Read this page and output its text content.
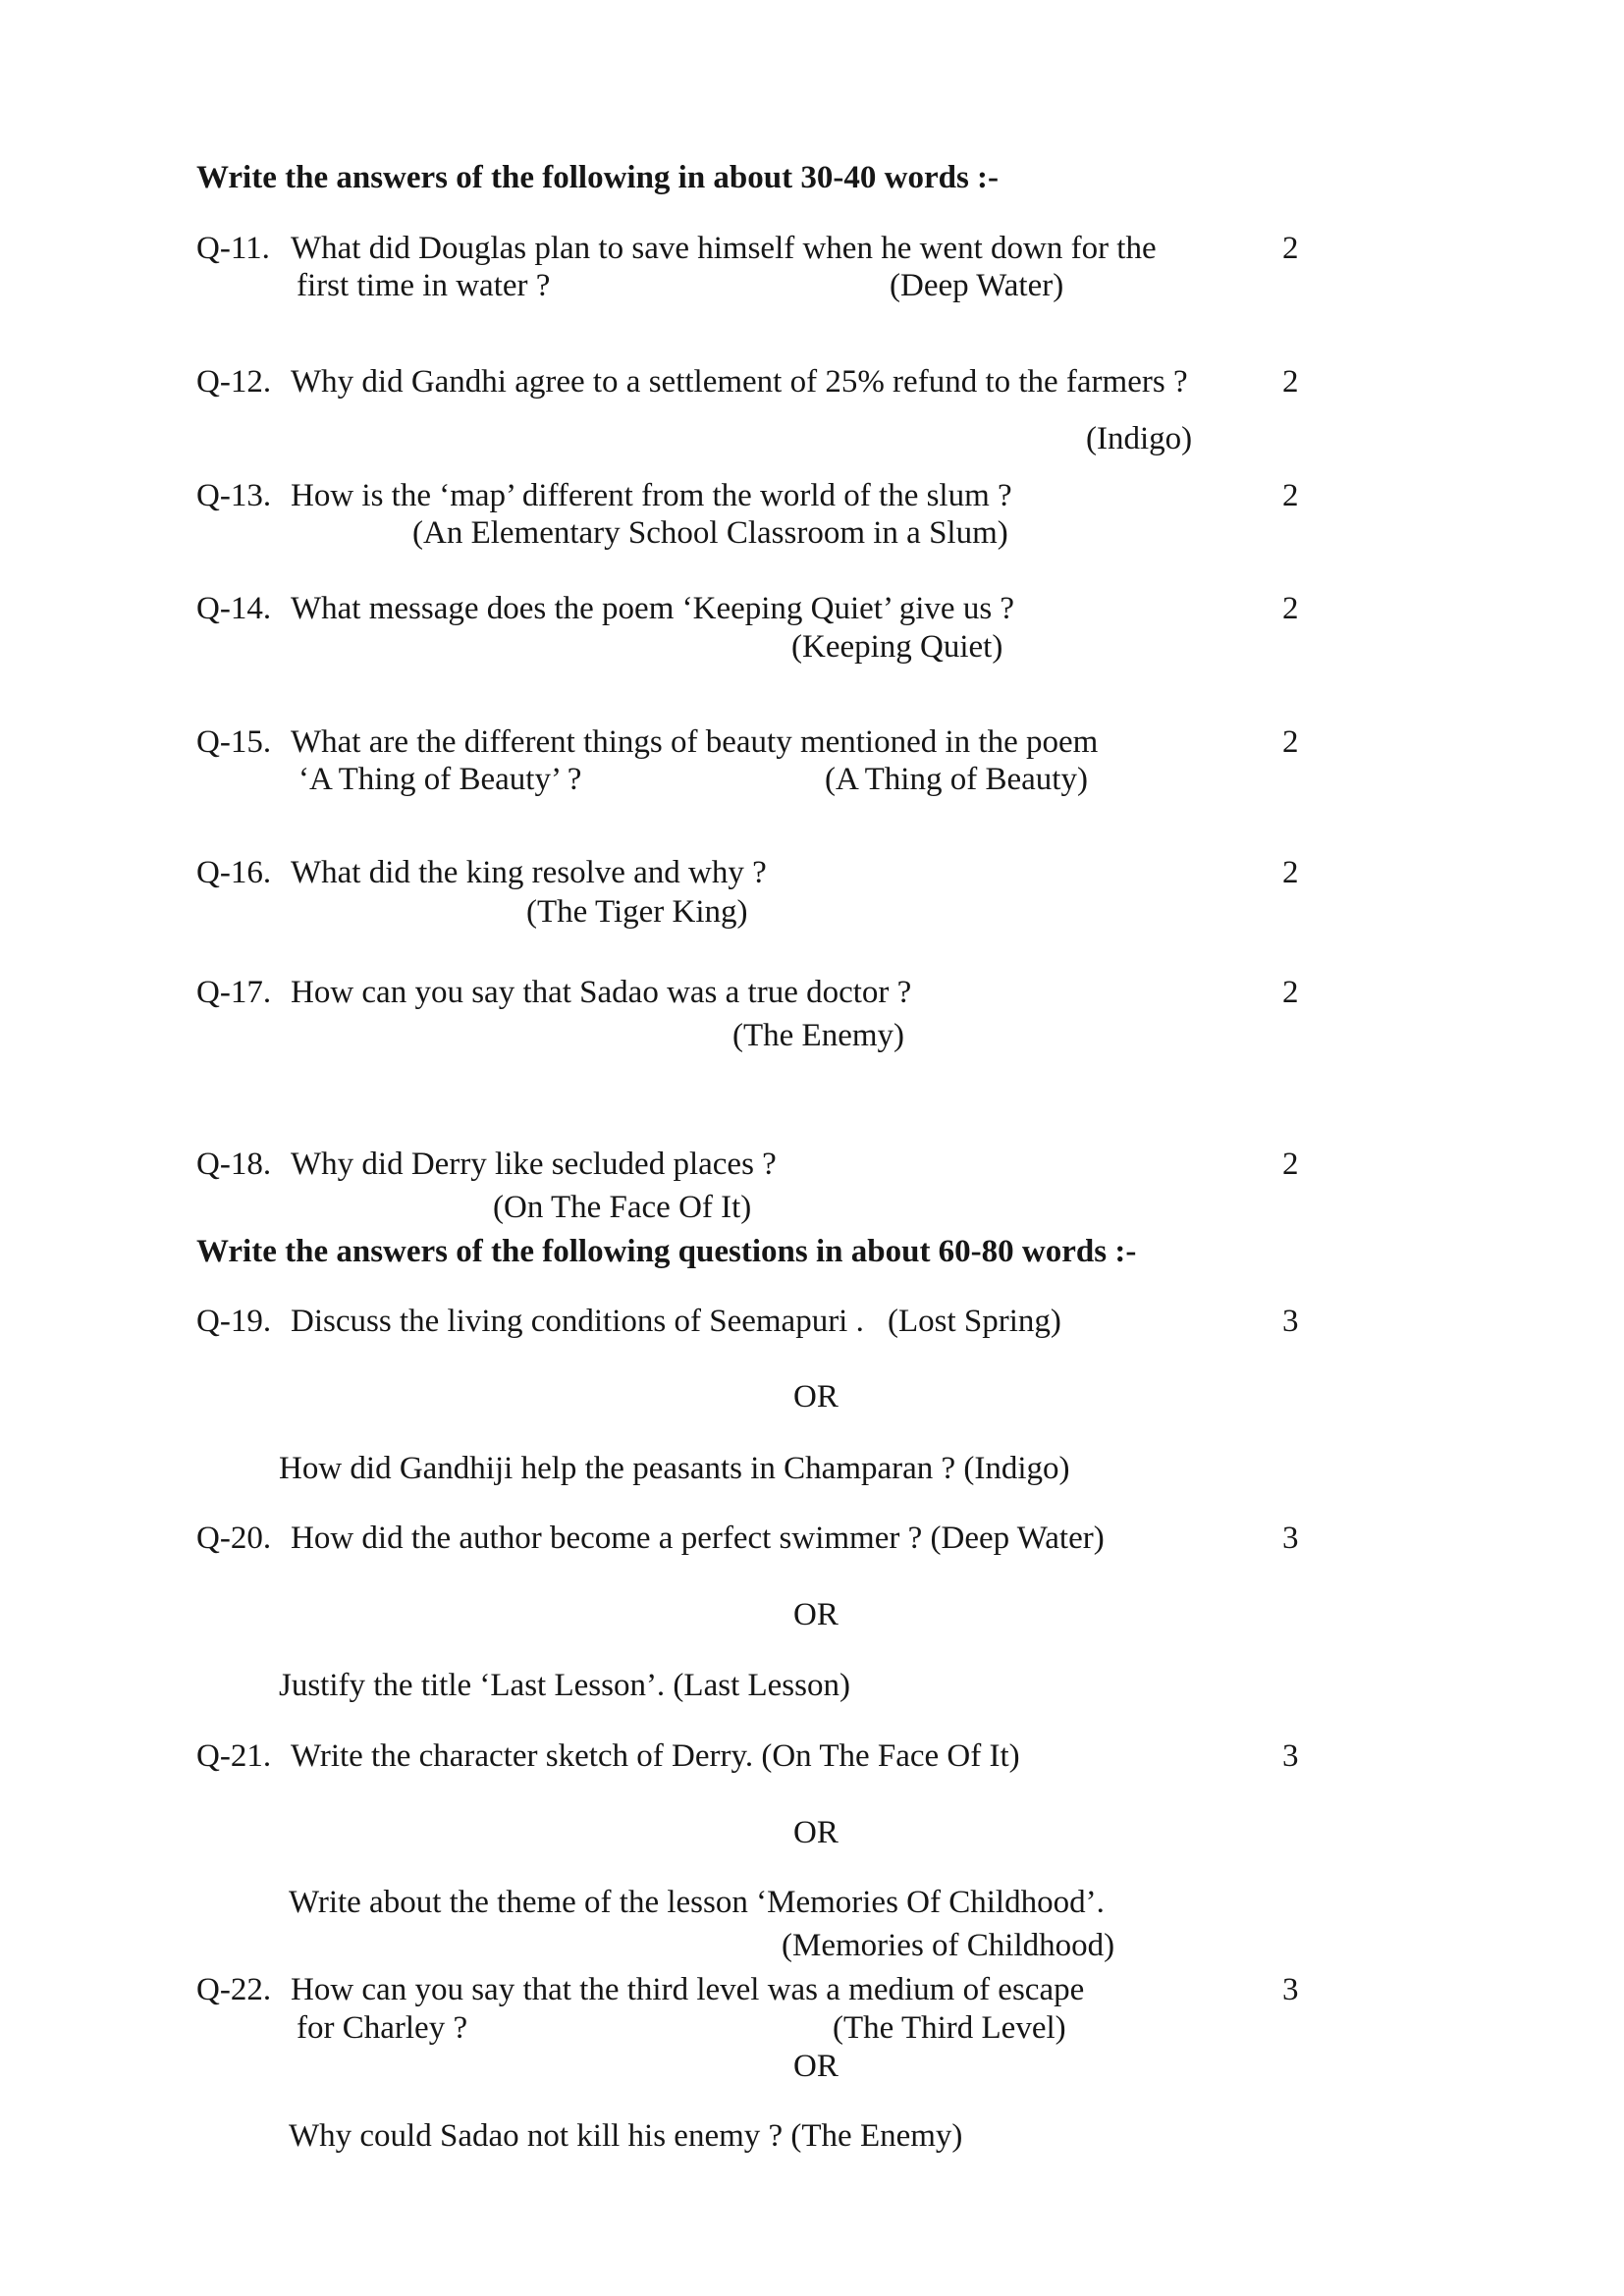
Write the answers of the following in about 30-40 words :-
Q-11. What did Douglas plan to save himself when he went down for the
first time in water ?	(Deep Water)
2
Q-12. Why did Gandhi agree to a settlement of 25% refund to the farmers ?
(Indigo)
2
Q-13. How is the ‘map’ different from the world of the slum ?
(An Elementary School Classroom in a Slum)
2
Q-14. What message does the poem ‘Keeping Quiet’ give us ?
(Keeping Quiet)
2
Q-15. What are the different things of beauty mentioned in the poem
‘A Thing of Beauty’ ?	(A Thing of Beauty)
2
Q-16. What did the king resolve and why ?
(The Tiger King)
2
Q-17. How can you say that Sadao was a true doctor ?
(The Enemy)
2
Q-18. Why did Derry like secluded places ?
(On The Face Of It)
2
Write the answers of the following questions in about 60-80 words :-
Q-19. Discuss the living conditions of Seemapuri . (Lost Spring)	3
OR
How did Gandhiji help the peasants in Champaran ? (Indigo)
Q-20. How did the author become a perfect swimmer ? (Deep Water)	3
OR
Justify the title ‘Last Lesson’. (Last Lesson)
Q-21. Write the character sketch of Derry. (On The Face Of It)	3
OR
Write about the theme of the lesson ‘Memories Of Childhood’.
(Memories of Childhood)
Q-22. How can you say that the third level was a medium of escape
for Charley ?	(The Third Level)
3
OR
Why could Sadao not kill his enemy ? (The Enemy)
